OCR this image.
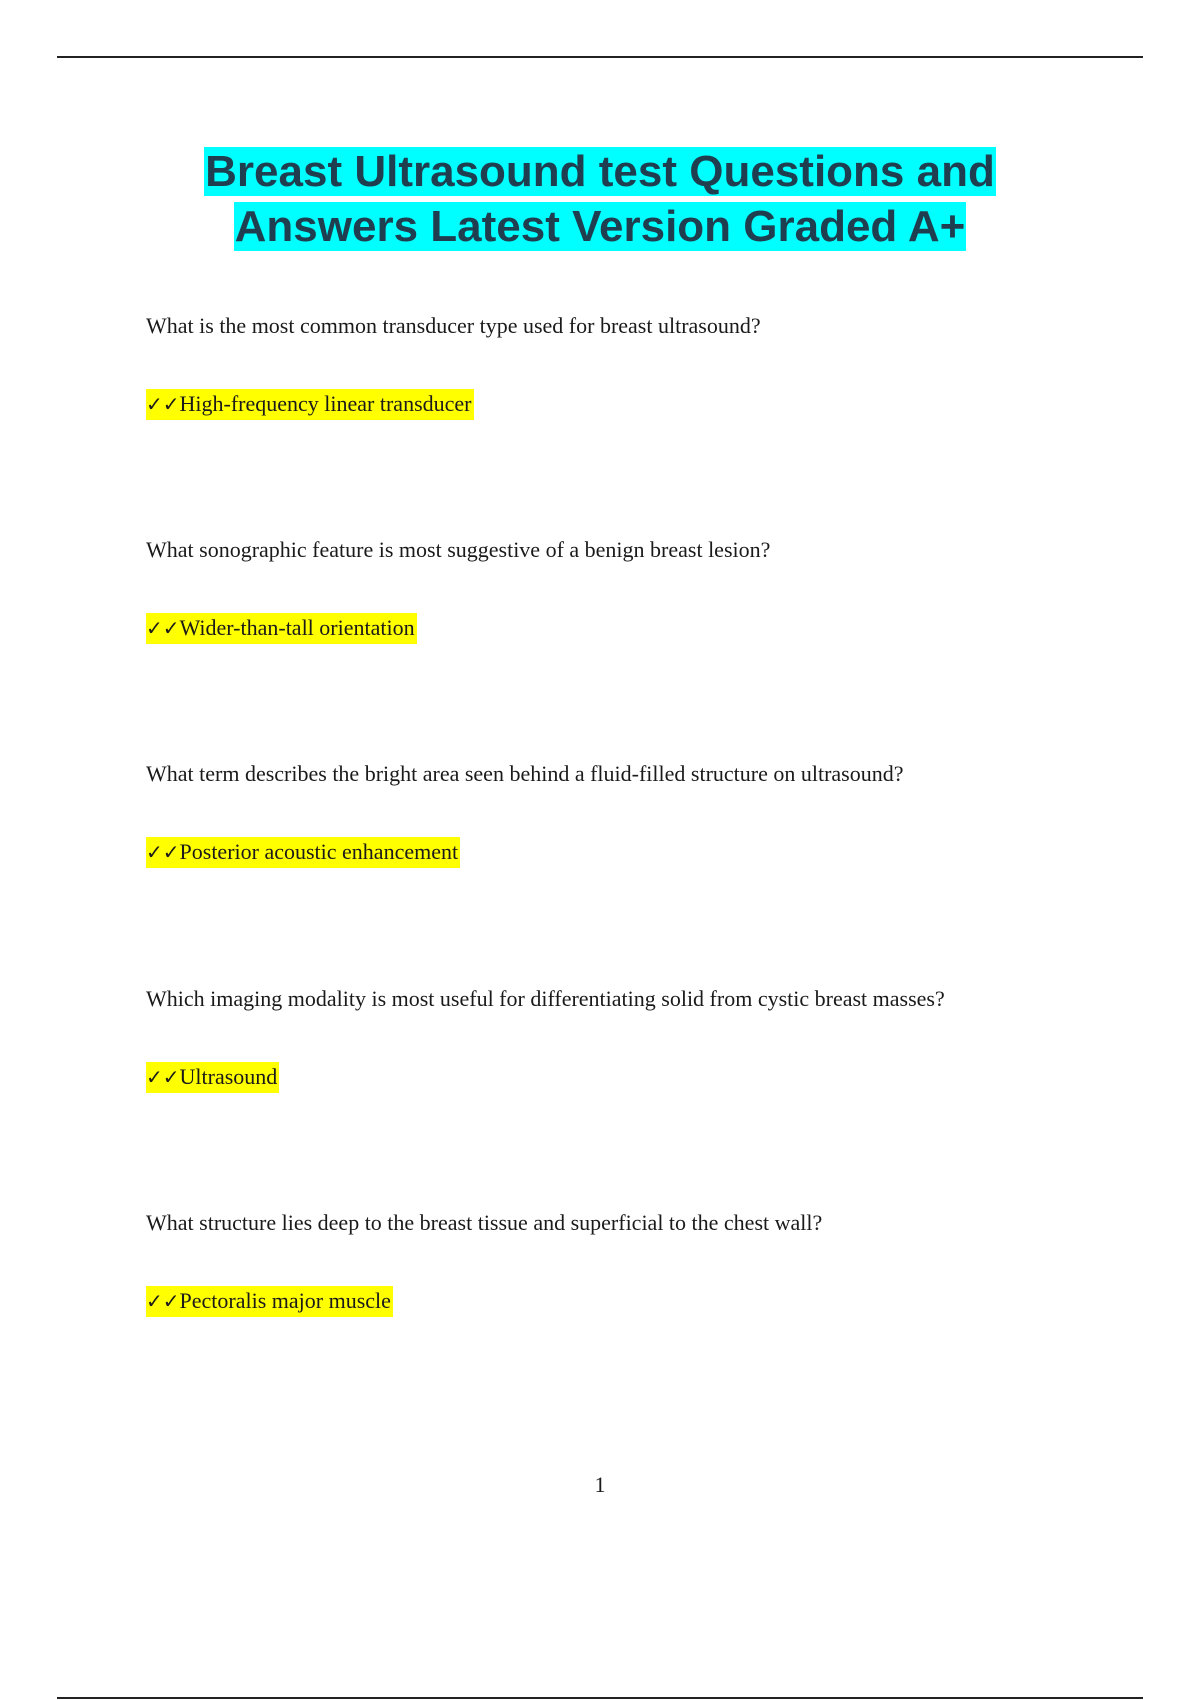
Breast Ultrasound test Questions and
Answers Latest Version Graded A+

What is the most common transducer type used for breast ultrasound?

✓✓High-frequency linear transducer

What sonographic feature is most suggestive of a benign breast lesion?

✓✓Wider-than-tall orientation

What term describes the bright area seen behind a fluid-filled structure on ultrasound?

✓✓Posterior acoustic enhancement

Which imaging modality is most useful for differentiating solid from cystic breast masses?

✓✓Ultrasound

What structure lies deep to the breast tissue and superficial to the chest wall?

✓✓Pectoralis major muscle
1
